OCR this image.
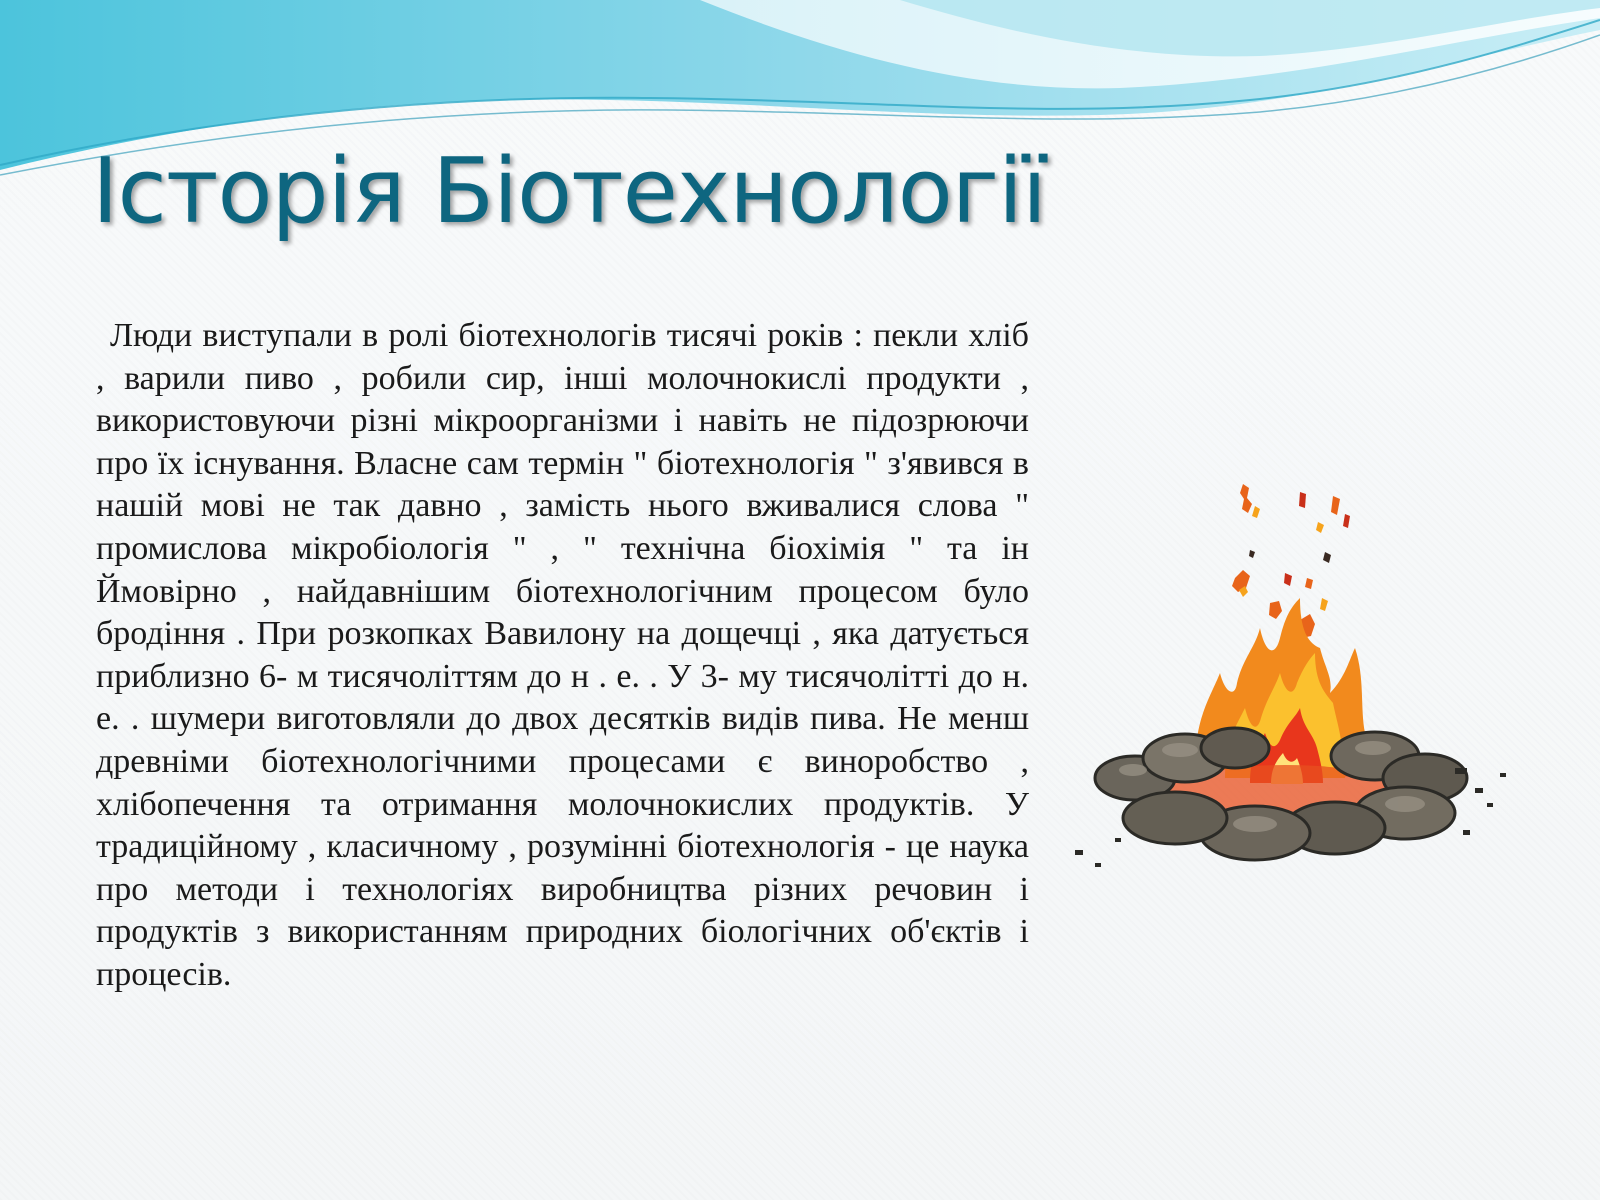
Історія Біотехнології

Люди виступали в ролі біотехнологів тисячі років : пекли хліб , варили пиво , робили сир, інші молочнокислі продукти , використовуючи різні мікроорганізми і навіть не підозрюючи про їх існування. Власне сам термін " біотехнологія " з'явився в нашій мові не так давно , замість нього вживалися слова " промислова мікробіологія " , " технічна біохімія " та ін Ймовірно , найдавнішим біотехнологічним процесом було бродіння . При розкопках Вавилону на дощечці , яка датується приблизно 6- м тисячоліттям до н . е. . У 3- му тисячолітті до н. е. . шумери виготовляли до двох десятків видів пива. Не менш древніми біотехнологічними процесами є виноробство , хлібопечення та отримання молочнокислих продуктів. У традиційному , класичному , розумінні біотехнологія - це наука про методи і технологіях виробництва різних речовин і продуктів з використанням природних біологічних об'єктів і процесів.
